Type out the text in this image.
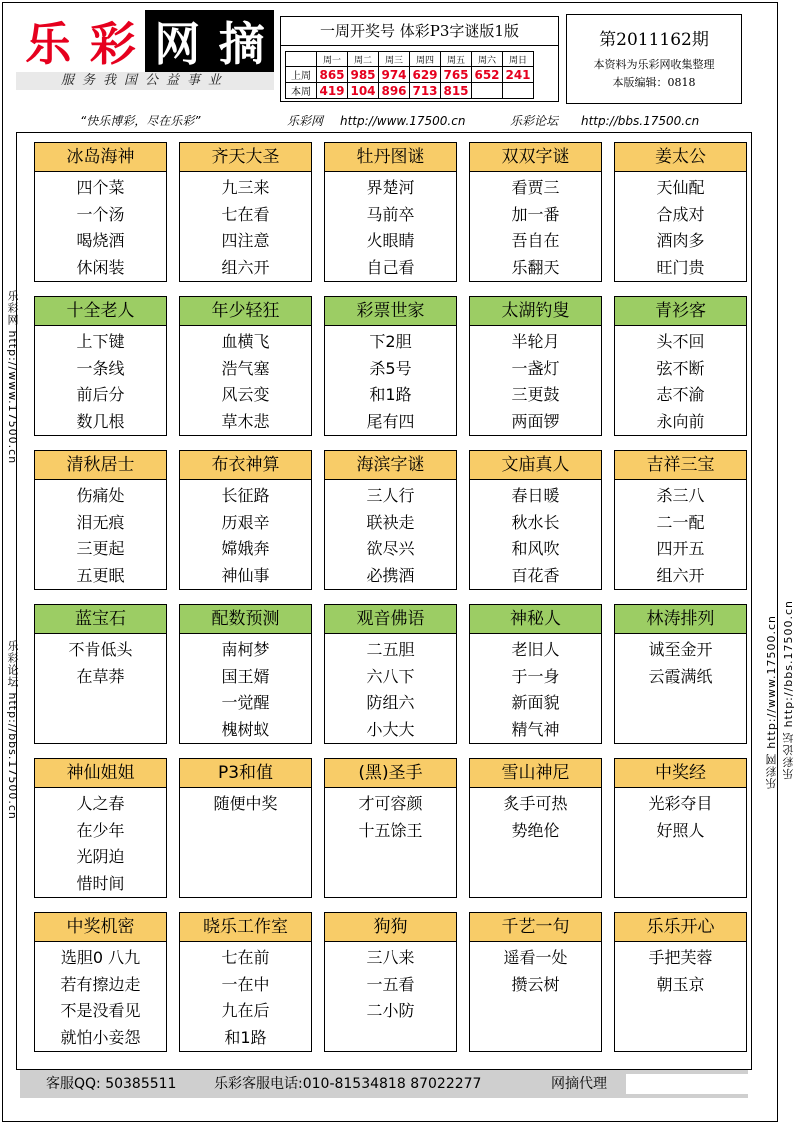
乐 彩 网 摘
服务我国公益事业
一周开奖号 体彩P3字谜版1版
	周一	周二	周三	周四	周五	周六	周日
上周	865	985	974	629	765	652	241
本周	419	104	896	713	815		
第2011162期
本资料为乐彩网收集整理
本版编辑：0818
“快乐博彩，尽在乐彩”	乐彩网 http://www.17500.cn	乐彩论坛 http://bbs.17500.cn
乐彩网 http://www.17500.cn
乐彩论坛 http://bbs.17500.cn	乐彩网 http://www.17500.cn 乐彩论坛 http://bbs.17500.cn
冰岛海神
四个菜
一个汤
喝烧酒
休闲装
齐天大圣
九三来
七在看
四注意
组六开
牡丹图谜
界楚河
马前卒
火眼睛
自己看
双双字谜
看贾三
加一番
吾自在
乐翻天
姜太公
天仙配
合成对
酒肉多
旺门贵
十全老人
上下键
一条线
前后分
数几根
年少轻狂
血横飞
浩气塞
风云变
草木悲
彩票世家
下2胆
杀5号
和1路
尾有四
太湖钓叟
半轮月
一盏灯
三更鼓
两面锣
青衫客
头不回
弦不断
志不渝
永向前
清秋居士
伤痛处
泪无痕
三更起
五更眠
布衣神算
长征路
历艰辛
嫦娥奔
神仙事
海滨字谜
三人行
联袂走
欲尽兴
必携酒
文庙真人
春日暖
秋水长
和风吹
百花香
吉祥三宝
杀三八
二一配
四开五
组六开
蓝宝石
不肯低头
在草莽
配数预测
南柯梦
国王婿
一觉醒
槐树蚁
观音佛语
二五胆
六八下
防组六
小大大
神秘人
老旧人
于一身
新面貌
精气神
林涛排列
诚至金开
云霞满纸
神仙姐姐
人之春
在少年
光阴迫
惜时间
P3和值
随便中奖
(黑)圣手
才可容颜
十五馀王
雪山神尼
炙手可热
势绝伦
中奖经
光彩夺目
好照人
中奖机密
选胆0 八九
若有擦边走
不是没看见
就怕小妾怨
晓乐工作室
七在前
一在中
九在后
和1路
狗狗
三八来
一五看
二小防
千艺一句
遥看一处
攒云树
乐乐开心
手把芙蓉
朝玉京
客服QQ: 50385511	乐彩客服电话:010-81534818 87022277	网摘代理
